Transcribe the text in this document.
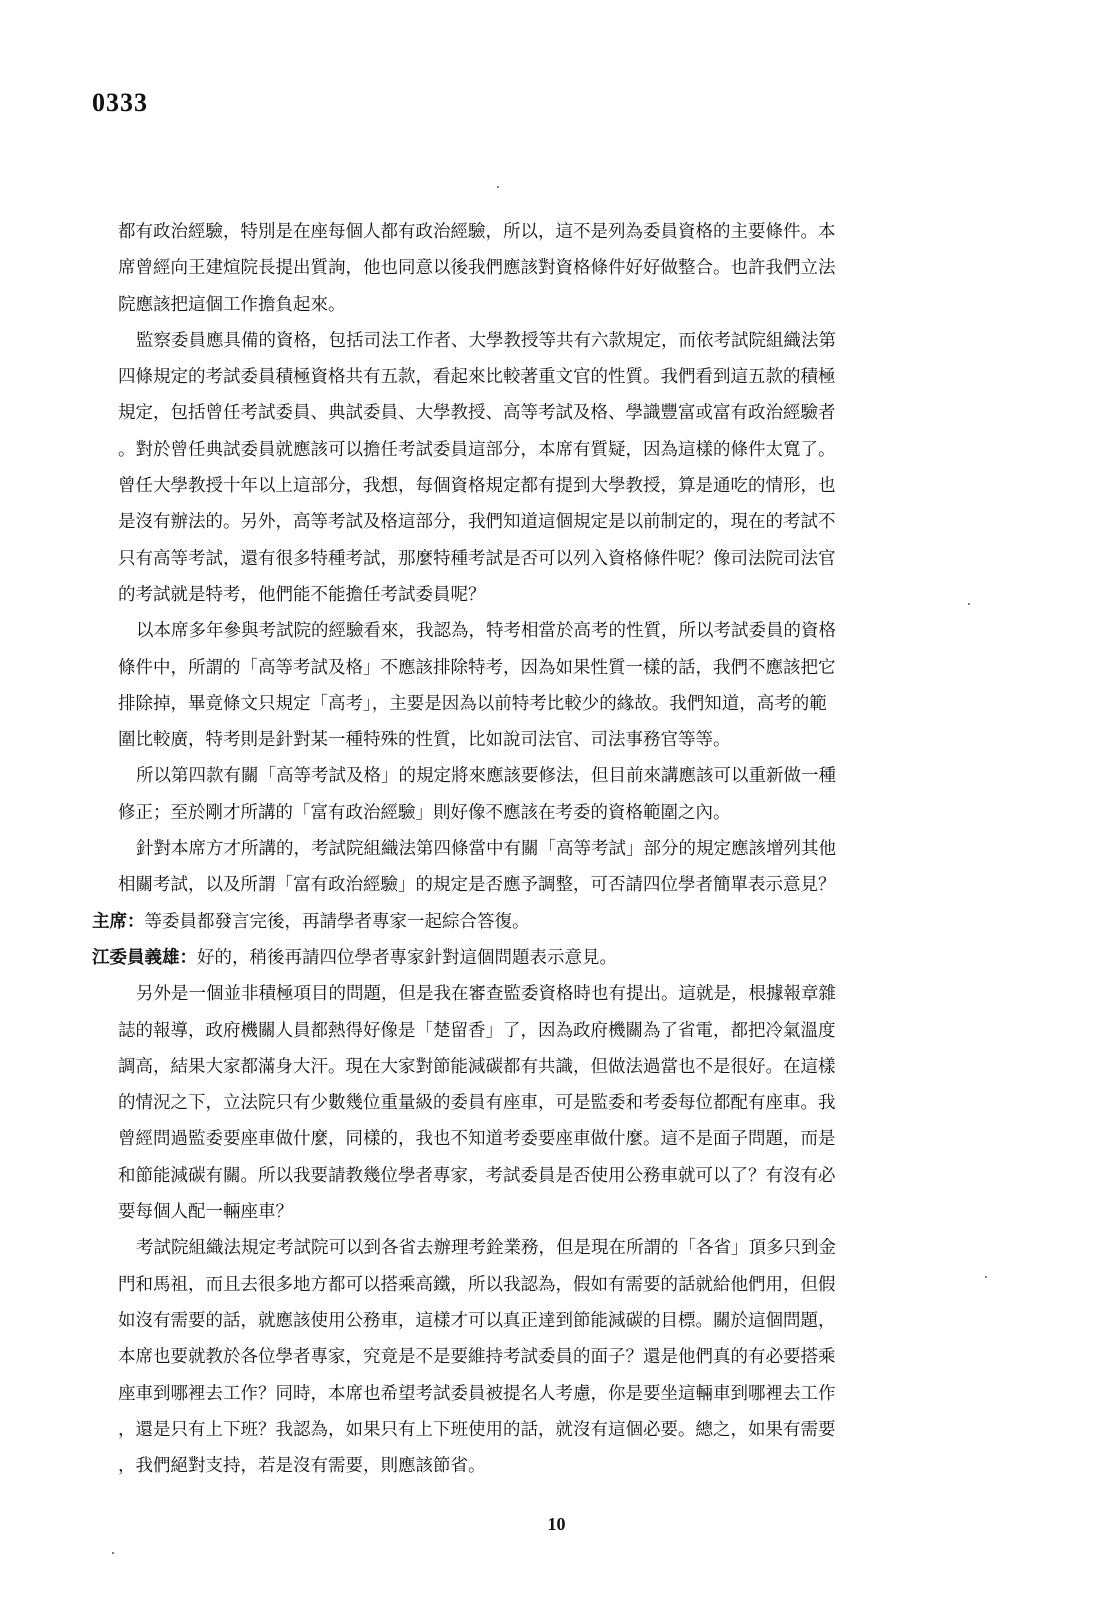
0333
都有政治經驗，特別是在座每個人都有政治經驗，所以，這不是列為委員資格的主要條件。本
席曾經向王建煊院長提出質詢，他也同意以後我們應該對資格條件好好做整合。也許我們立法
院應該把這個工作擔負起來。
監察委員應具備的資格，包括司法工作者、大學教授等共有六款規定，而依考試院組織法第
四條規定的考試委員積極資格共有五款，看起來比較著重文官的性質。我們看到這五款的積極
規定，包括曾任考試委員、典試委員、大學教授、高等考試及格、學識豐富或富有政治經驗者
。對於曾任典試委員就應該可以擔任考試委員這部分，本席有質疑，因為這樣的條件太寬了。
曾任大學教授十年以上這部分，我想，每個資格規定都有提到大學教授，算是通吃的情形，也
是沒有辦法的。另外，高等考試及格這部分，我們知道這個規定是以前制定的，現在的考試不
只有高等考試，還有很多特種考試，那麼特種考試是否可以列入資格條件呢？像司法院司法官
的考試就是特考，他們能不能擔任考試委員呢？
以本席多年參與考試院的經驗看來，我認為，特考相當於高考的性質，所以考試委員的資格
條件中，所謂的「高等考試及格」不應該排除特考，因為如果性質一樣的話，我們不應該把它
排除掉，畢竟條文只規定「高考」，主要是因為以前特考比較少的緣故。我們知道，高考的範
圍比較廣，特考則是針對某一種特殊的性質，比如說司法官、司法事務官等等。
所以第四款有關「高等考試及格」的規定將來應該要修法，但目前來講應該可以重新做一種
修正；至於剛才所講的「富有政治經驗」則好像不應該在考委的資格範圍之內。
針對本席方才所講的，考試院組織法第四條當中有關「高等考試」部分的規定應該增列其他
相關考試，以及所謂「富有政治經驗」的規定是否應予調整，可否請四位學者簡單表示意見？
主席：等委員都發言完後，再請學者專家一起綜合答復。
江委員義雄：好的，稍後再請四位學者專家針對這個問題表示意見。
另外是一個並非積極項目的問題，但是我在審查監委資格時也有提出。這就是，根據報章雜
誌的報導，政府機關人員都熱得好像是「楚留香」了，因為政府機關為了省電，都把冷氣溫度
調高，結果大家都滿身大汗。現在大家對節能減碳都有共識，但做法過當也不是很好。在這樣
的情況之下，立法院只有少數幾位重量級的委員有座車，可是監委和考委每位都配有座車。我
曾經問過監委要座車做什麼，同樣的，我也不知道考委要座車做什麼。這不是面子問題，而是
和節能減碳有關。所以我要請教幾位學者專家，考試委員是否使用公務車就可以了？有沒有必
要每個人配一輛座車？
考試院組織法規定考試院可以到各省去辦理考銓業務，但是現在所謂的「各省」頂多只到金
門和馬祖，而且去很多地方都可以搭乘高鐵，所以我認為，假如有需要的話就給他們用，但假
如沒有需要的話，就應該使用公務車，這樣才可以真正達到節能減碳的目標。關於這個問題，
本席也要就教於各位學者專家，究竟是不是要維持考試委員的面子？還是他們真的有必要搭乘
座車到哪裡去工作？同時，本席也希望考試委員被提名人考慮，你是要坐這輛車到哪裡去工作
，還是只有上下班？我認為，如果只有上下班使用的話，就沒有這個必要。總之，如果有需要
，我們絕對支持，若是沒有需要，則應該節省。
10
